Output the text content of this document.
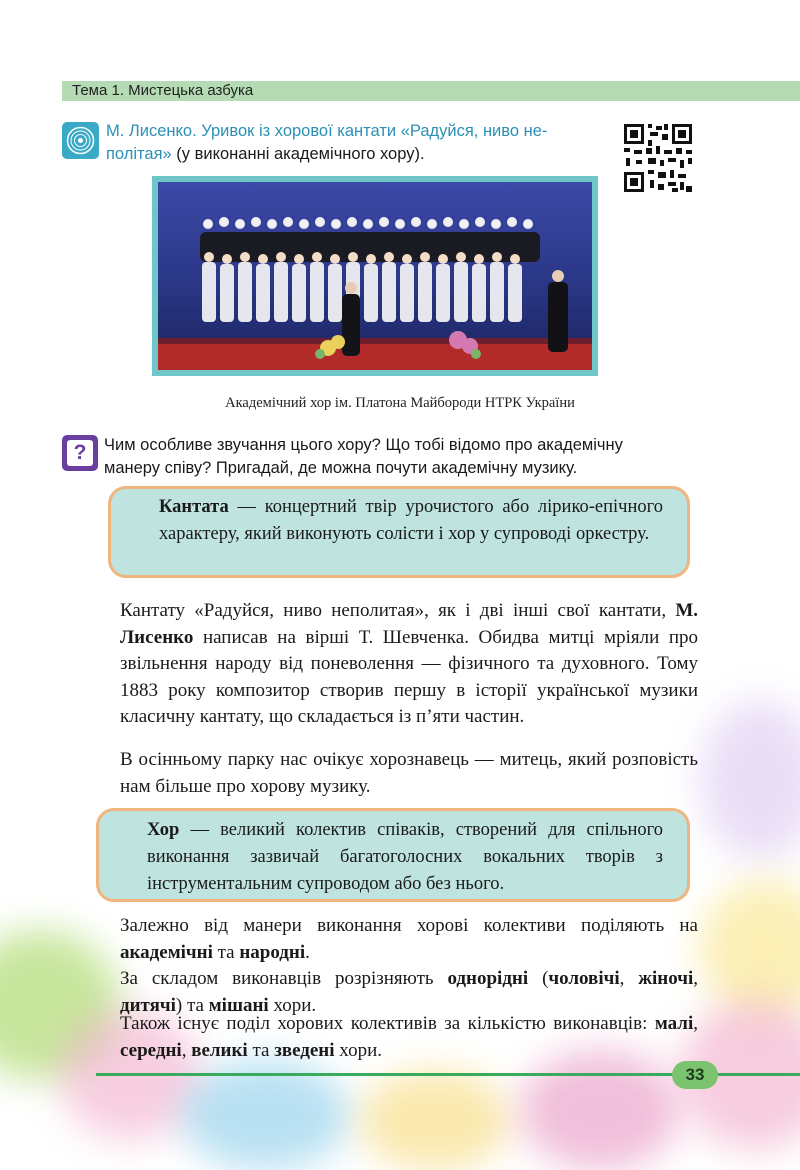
Тема 1. Мистецька азбука
М. Лисенко. Уривок із хорової кантати «Радуйся, ниво не-
політая» (у виконанні академічного хору).
Академічний хор ім. Платона Майбороди НТРК України
?	Чим особливе звучання цього хору? Що тобі відомо про академічну
манеру співу? Пригадай, де можна почути академічну музику.
Кантата — концертний твір урочистого або лірико-епічного характеру, який виконують солісти і хор у супроводі оркестру.
Кантату «Радуйся, ниво неполитая», як і дві інші свої кантати, М. Лисенко написав на вірші Т. Шевченка. Обидва митці мріяли про звільнення народу від поневолення — фізичного та духовного. Тому 1883 року композитор створив першу в історії української музики класичну кантату, що складається із п’яти частин.
В осінньому парку нас очікує хорознавець — митець, який розповість нам більше про хорову музику.
Хор — великий колектив співаків, створений для спільного виконання зазвичай багатоголосних вокальних творів з інструментальним супроводом або без нього.
Залежно від манери виконання хорові колективи поділяють на академічні та народні.
За складом виконавців розрізняють однорідні (чоловічі, жіночі, дитячі) та мішані хори.
Також існує поділ хорових колективів за кількістю виконавців: малі, середні, великі та зведені хори.
33
